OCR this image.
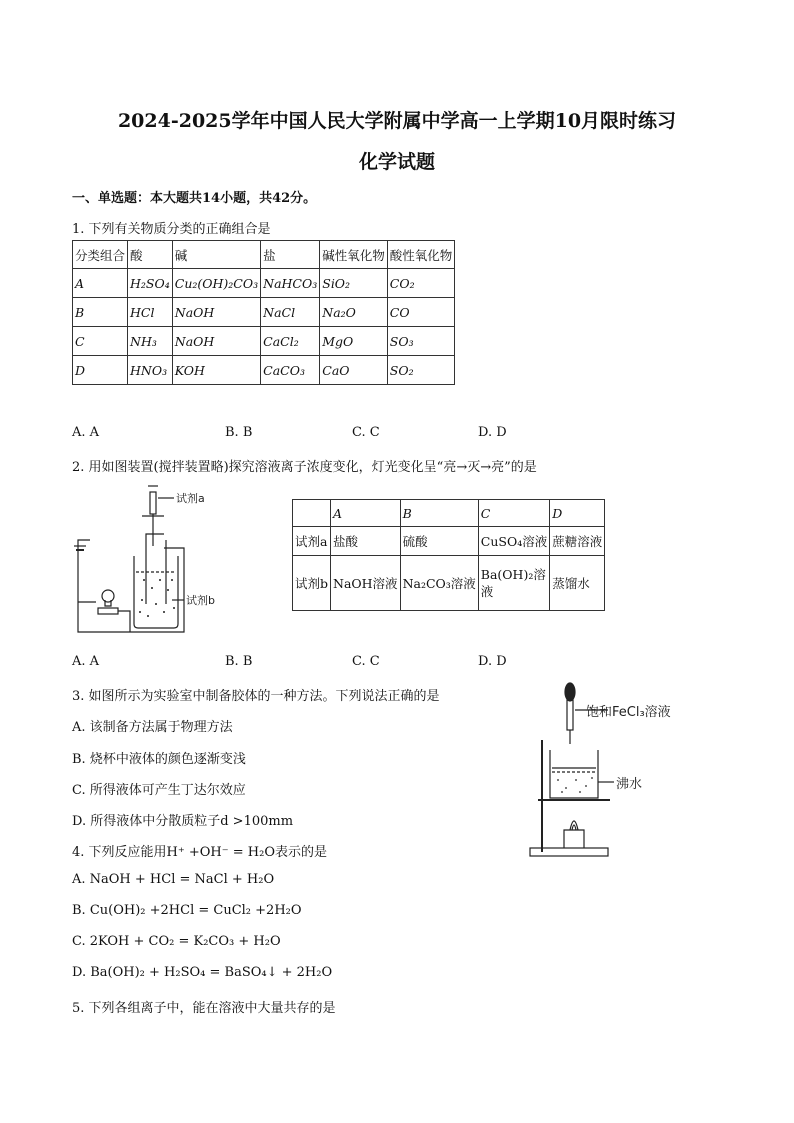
2024-2025学年中国人民大学附属中学高一上学期10月限时练习
化学试题
一、单选题：本大题共14小题，共42分。
1. 下列有关物质分类的正确组合是
分类组合	酸	碱	盐	碱性氧化物	酸性氧化物
A	H₂SO₄	Cu₂(OH)₂CO₃	NaHCO₃	SiO₂	CO₂
B	HCl	NaOH	NaCl	Na₂O	CO
C	NH₃	NaOH	CaCl₂	MgO	SO₃
D	HNO₃	KOH	CaCO₃	CaO	SO₂
A. A	B. B	C. C	D. D
2. 用如图装置(搅拌装置略)探究溶液离子浓度变化，灯光变化呈“亮→灭→亮”的是
试剂a
试剂b
	A	B	C	D
试剂a	盐酸	硫酸	CuSO₄溶液	蔗糖溶液
试剂b	NaOH溶液	Na₂CO₃溶液	Ba(OH)₂溶液	蒸馏水
A. A	B. B	C. C	D. D
3. 如图所示为实验室中制备胶体的一种方法。下列说法正确的是
A. 该制备方法属于物理方法
B. 烧杯中液体的颜色逐渐变浅
C. 所得液体可产生丁达尔效应
D. 所得液体中分散质粒子d >100mm
饱和FeCl₃溶液
沸水
4. 下列反应能用H⁺ +OH⁻ = H₂O表示的是
A. NaOH + HCl = NaCl + H₂O
B. Cu(OH)₂ +2HCl = CuCl₂ +2H₂O
C. 2KOH + CO₂ = K₂CO₃ + H₂O
D. Ba(OH)₂ + H₂SO₄ = BaSO₄↓ + 2H₂O
5. 下列各组离子中，能在溶液中大量共存的是
